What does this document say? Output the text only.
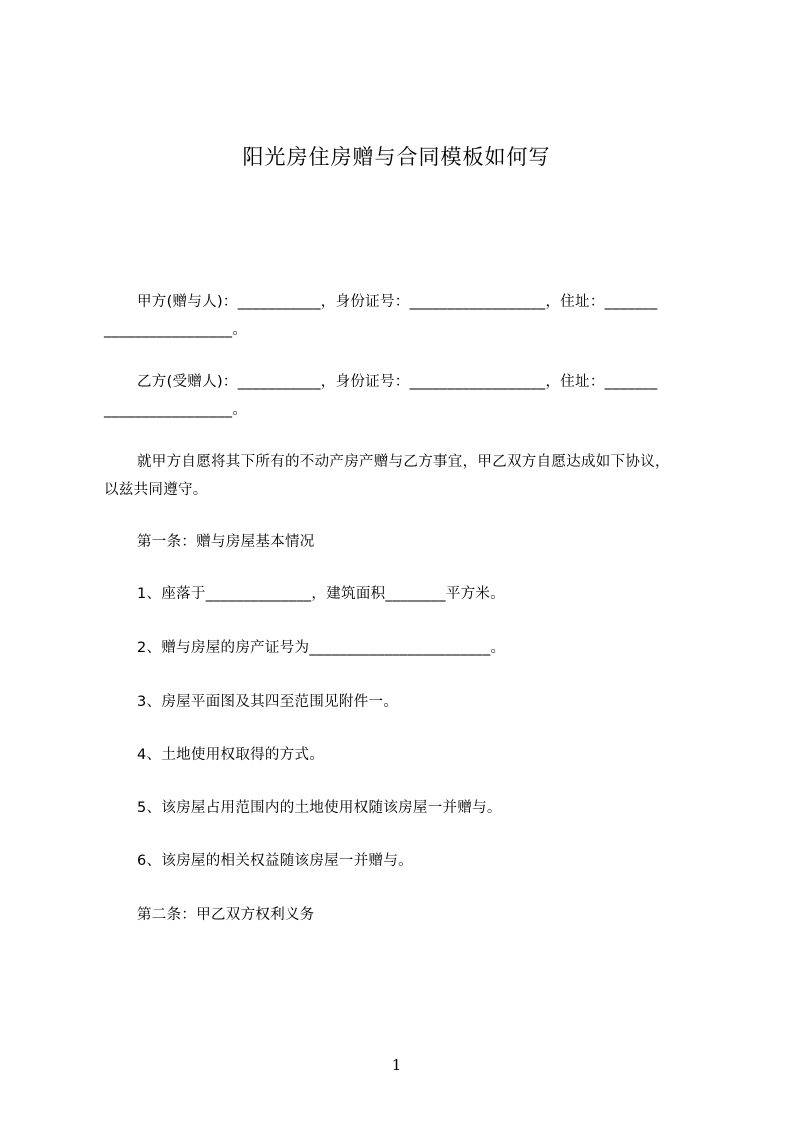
阳光房住房赠与合同模板如何写
甲方(赠与人)：___________，身份证号：__________________，住址：_______
_________________。
乙方(受赠人)：___________，身份证号：__________________，住址：_______
_________________。
就甲方自愿将其下所有的不动产房产赠与乙方事宜，甲乙双方自愿达成如下协议，
以兹共同遵守。
第一条：赠与房屋基本情况
1、座落于______________，建筑面积________平方米。
2、赠与房屋的房产证号为________________________。
3、房屋平面图及其四至范围见附件一。
4、土地使用权取得的方式。
5、该房屋占用范围内的土地使用权随该房屋一并赠与。
6、该房屋的相关权益随该房屋一并赠与。
第二条：甲乙双方权利义务
1
